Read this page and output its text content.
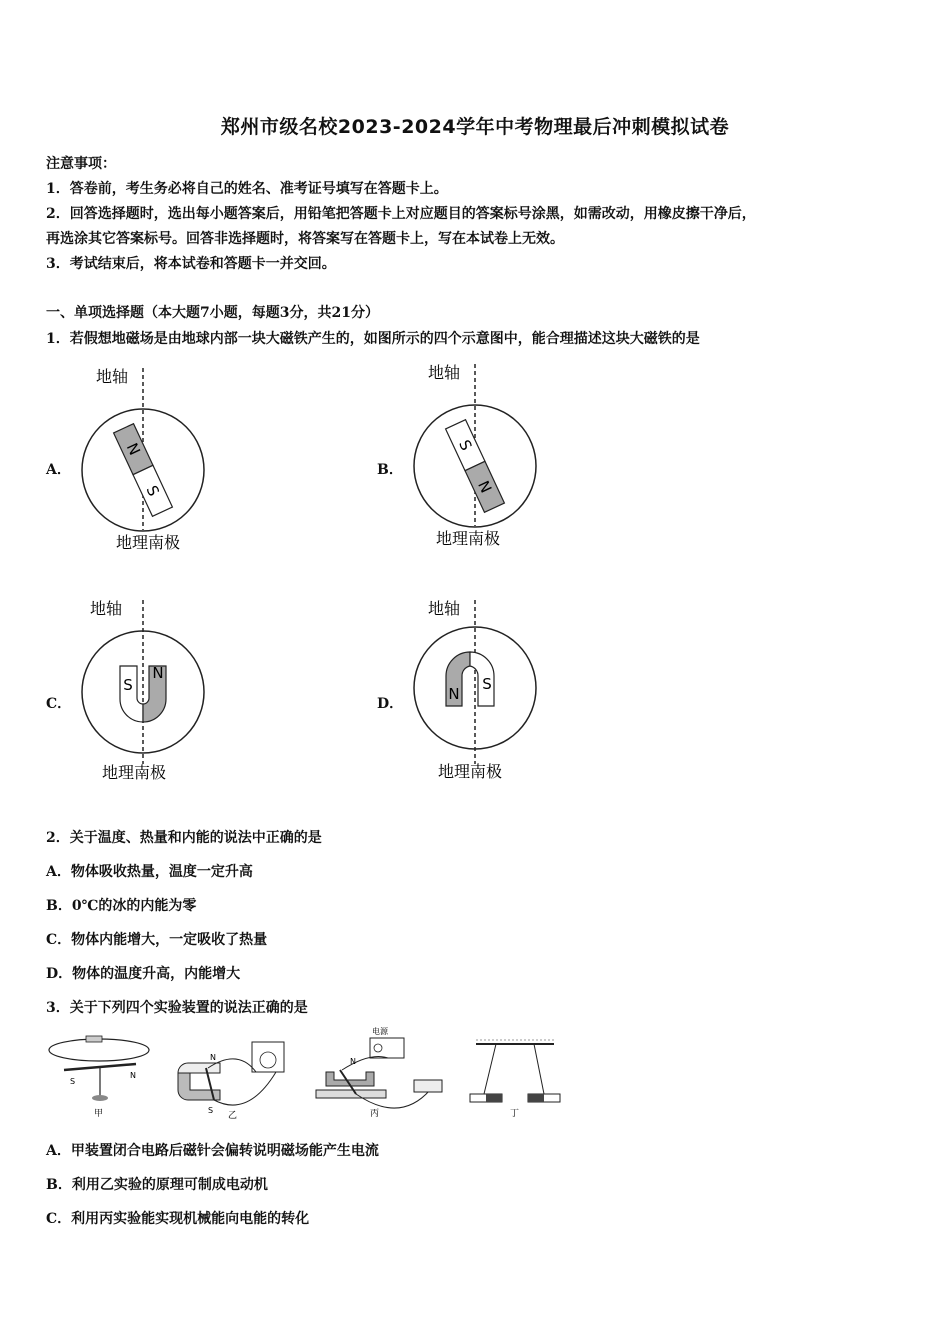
郑州市级名校2023-2024学年中考物理最后冲刺模拟试卷
注意事项：
1．答卷前，考生务必将自己的姓名、准考证号填写在答题卡上。
2．回答选择题时，选出每小题答案后，用铅笔把答题卡上对应题目的答案标号涂黑，如需改动，用橡皮擦干净后，
再选涂其它答案标号。回答非选择题时，将答案写在答题卡上，写在本试卷上无效。
3．考试结束后，将本试卷和答题卡一并交回。
一、单项选择题（本大题7小题，每题3分，共21分）
1．若假想地磁场是由地球内部一块大磁铁产生的，如图所示的四个示意图中，能合理描述这块大磁铁的是
A．	B．
C．	D．
地轴
N
S
地理南极
地轴
S
N
地理南极
地轴
S
N
地理南极
地轴
N
S
地理南极
2．关于温度、热量和内能的说法中正确的是
A．物体吸收热量，温度一定升高
B．0℃的冰的内能为零
C．物体内能增大，一定吸收了热量
D．物体的温度升高，内能增大
3．关于下列四个实验装置的说法正确的是
S
N
甲
N
S
乙
电源
N
丙	丁
A．甲装置闭合电路后磁针会偏转说明磁场能产生电流
B．利用乙实验的原理可制成电动机
C．利用丙实验能实现机械能向电能的转化
